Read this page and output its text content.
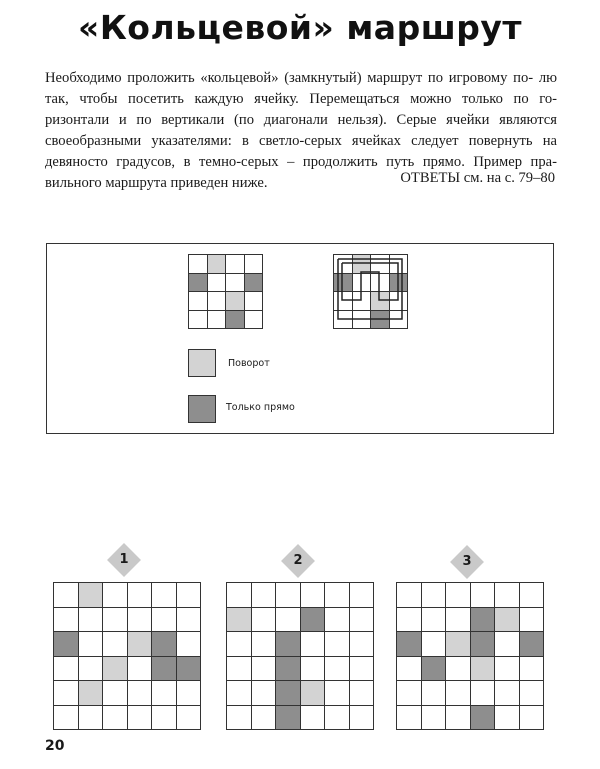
«Кольцевой» маршрут

Необходимо проложить «кольцевой» (замкнутый) маршрут по игровому по- лю так, чтобы посетить каждую ячейку. Перемещаться можно только по го- ризонтали и по вертикали (по диагонали нельзя). Серые ячейки являются своеобразными указателями: в светло-серых ячейках следует повернуть на девяносто градусов, в темно-серых – продолжить путь прямо. Пример пра- вильного маршрута приведен ниже.	ОТВЕТЫ см. на с. 79–80

Поворот
Только прямо
1	2	3

20
